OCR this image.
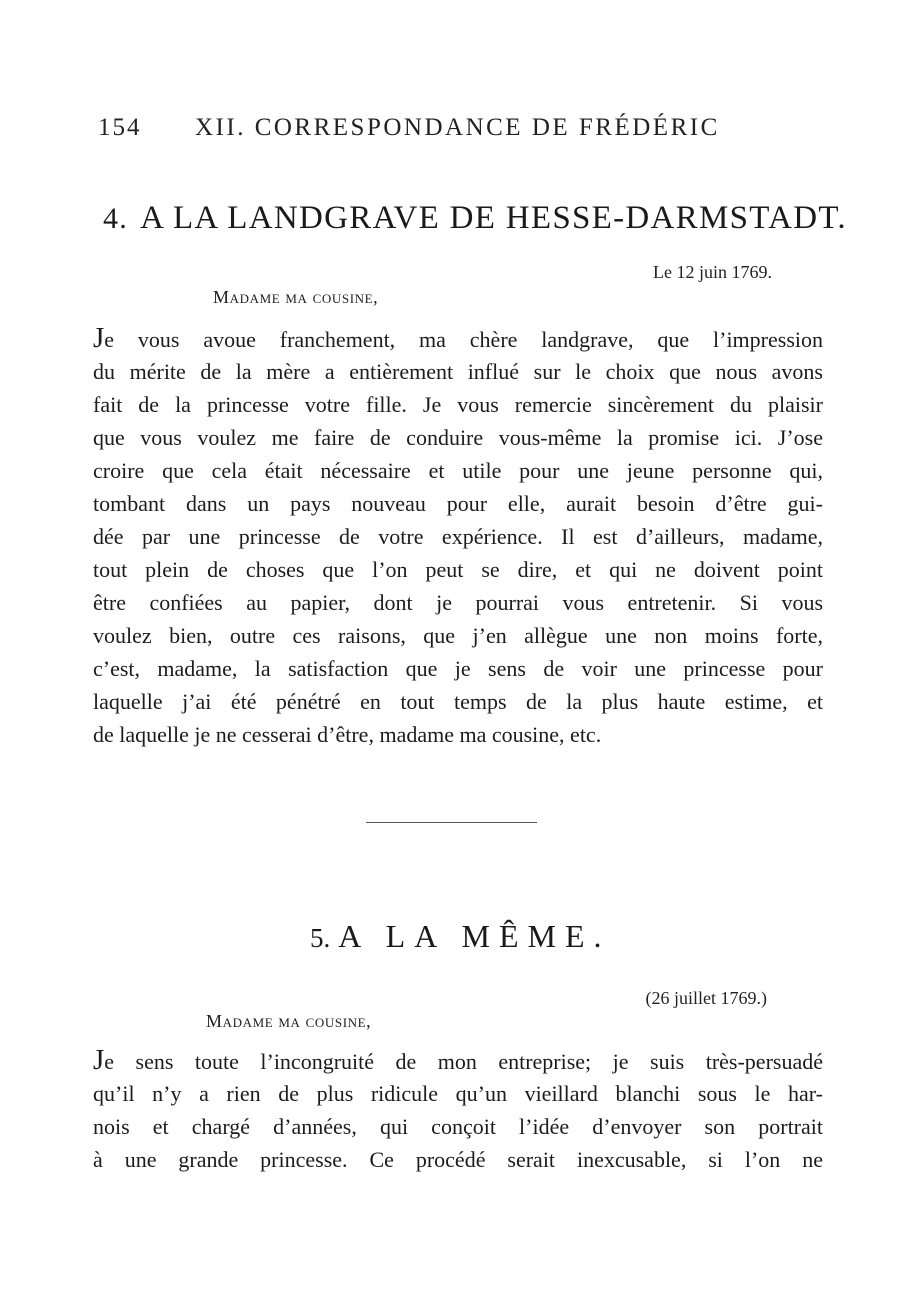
154 XII. CORRESPONDANCE DE FRÉDÉRIC
4. A LA LANDGRAVE DE HESSE-DARMSTADT.
Le 12 juin 1769.
Madame ma cousine,
Je vous avoue franchement, ma chère landgrave, que l’impression
du mérite de la mère a entièrement influé sur le choix que nous avons
fait de la princesse votre fille. Je vous remercie sincèrement du plaisir
que vous voulez me faire de conduire vous-même la promise ici. J’ose
croire que cela était nécessaire et utile pour une jeune personne qui,
tombant dans un pays nouveau pour elle, aurait besoin d’être gui-
dée par une princesse de votre expérience. Il est d’ailleurs, madame,
tout plein de choses que l’on peut se dire, et qui ne doivent point
être confiées au papier, dont je pourrai vous entretenir. Si vous
voulez bien, outre ces raisons, que j’en allègue une non moins forte,
c’est, madame, la satisfaction que je sens de voir une princesse pour
laquelle j’ai été pénétré en tout temps de la plus haute estime, et
de laquelle je ne cesserai d’être, madame ma cousine, etc.
5. A LA MÊME.
(26 juillet 1769.)
Madame ma cousine,
Je sens toute l’incongruité de mon entreprise; je suis très-persuadé
qu’il n’y a rien de plus ridicule qu’un vieillard blanchi sous le har-
nois et chargé d’années, qui conçoit l’idée d’envoyer son portrait
à une grande princesse. Ce procédé serait inexcusable, si l’on ne
